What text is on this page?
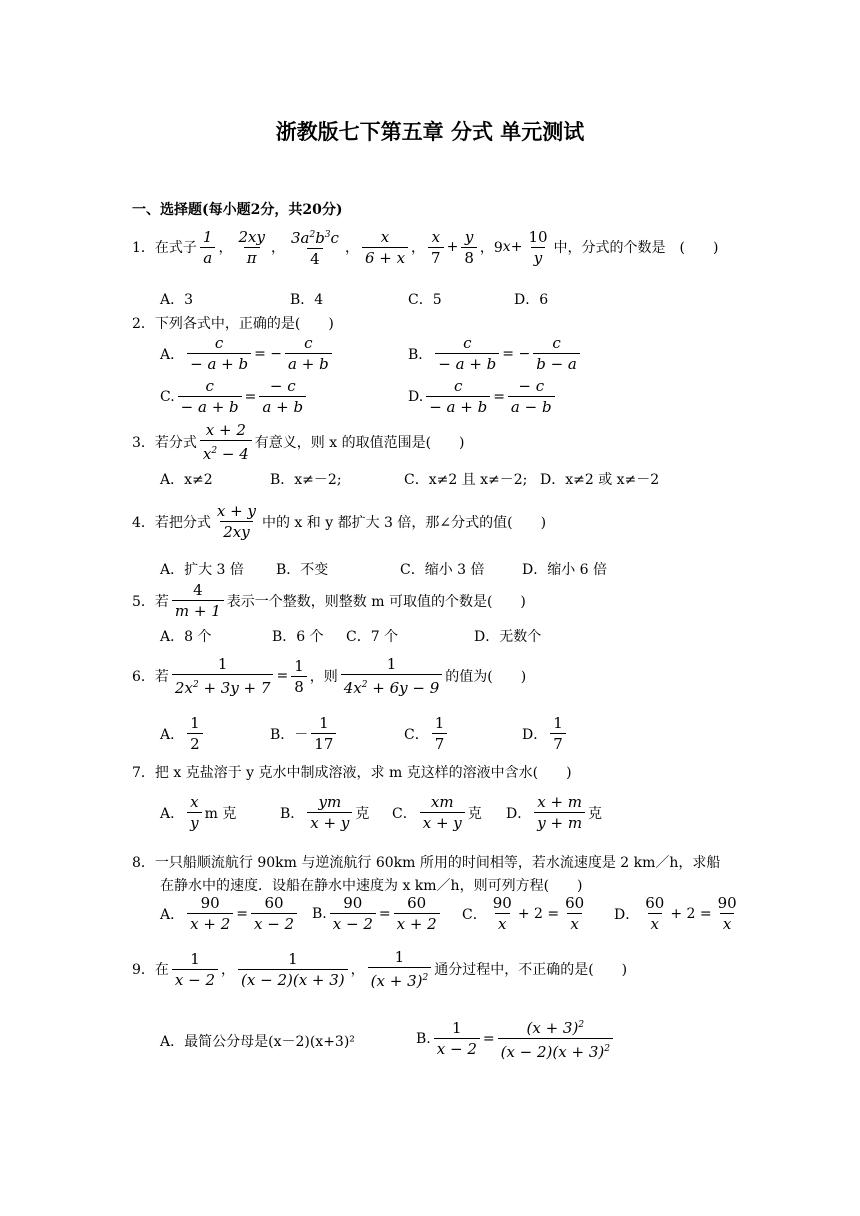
浙教版七下第五章 分式 单元测试
一、选择题(每小题2分，共20分)
1．在式子 $\frac{1}{a}$ ， $\frac{2xy}{\pi}$ ， $\frac{3a^2b^3c}{4}$ ， $\frac{x}{6 + x}$ ， $\frac{x}{7} + \frac{y}{8}$ ，9 $x + \frac{10}{y}$ 中，分式的个数是　(　　)
A．3	B．4	C．5	D．6
2．下列各式中，正确的是(　　)
A． $\frac{c}{- a + b}$ = − $\frac{c}{a + b}$	B． $\frac{c}{- a + b}$ = − $\frac{c}{b - a}$
C. $\frac{c}{- a + b} = \frac{- c}{a + b}$	D. $\frac{c}{- a + b} = \frac{- c}{a - b}$
3．若分式 $\frac{x + 2}{x^2 - 4}$ 有意义，则 x 的取值范围是(　　)
A．x≠2	B．x≠－2;	C．x≠2 且 x≠－2; D．x≠2 或 x≠－2
4．若把分式 $\frac{x + y}{2xy}$ 中的 x 和 y 都扩大 3 倍，那∠分式的值(　　)
A．扩大 3 倍 B．不变	C．缩小 3 倍	D．缩小 6 倍
5．若 $\frac{4}{m + 1}$ 表示一个整数，则整数 m 可取值的个数是(　　)
A．8 个	B．6 个 C．7 个	D．无数个
6．若 $\frac{1}{2x^2 + 3y + 7} = \frac{1}{8}$ ，则 $\frac{1}{4x^2 + 6y - 9}$ 的值为(　　)
A． $\frac{1}{2}$	B． － $\frac{1}{17}$	C． $\frac{1}{7}$	D． $\frac{1}{7}$
7．把 x 克盐溶于 y 克水中制成溶液，求 m 克这样的溶液中含水(　　)
A． $\frac{x}{y}$ m 克	B． $\frac{ym}{x + y}$ 克 C． $\frac{xm}{x + y}$ 克 D． $\frac{x + m}{y + m}$ 克
8．一只船顺流航行 90km 与逆流航行 60km 所用的时间相等，若水流速度是 2 km／h，求船
在静水中的速度．设船在静水中速度为 x km／h，则可列方程(　　)
A． $\frac{90}{x + 2} = \frac{60}{x - 2} B$. $\frac{90}{x - 2} = \frac{60}{x + 2}$ C． $\frac{90}{x} + 2 = \frac{60}{x}$ D． $\frac{60}{x} + 2 = \frac{90}{x}$
9．在 $\frac{1}{x - 2}$ ， $\frac{1}{(x - 2)(x + 3)}$ ， $\frac{1}{(x + 3)^2}$ 通分过程中，不正确的是(　　)
A．最简公分母是(x－2)(x+3)²	B. $\frac{1}{x - 2} = \frac{(x + 3)^2}{(x - 2)(x + 3)^2}$
